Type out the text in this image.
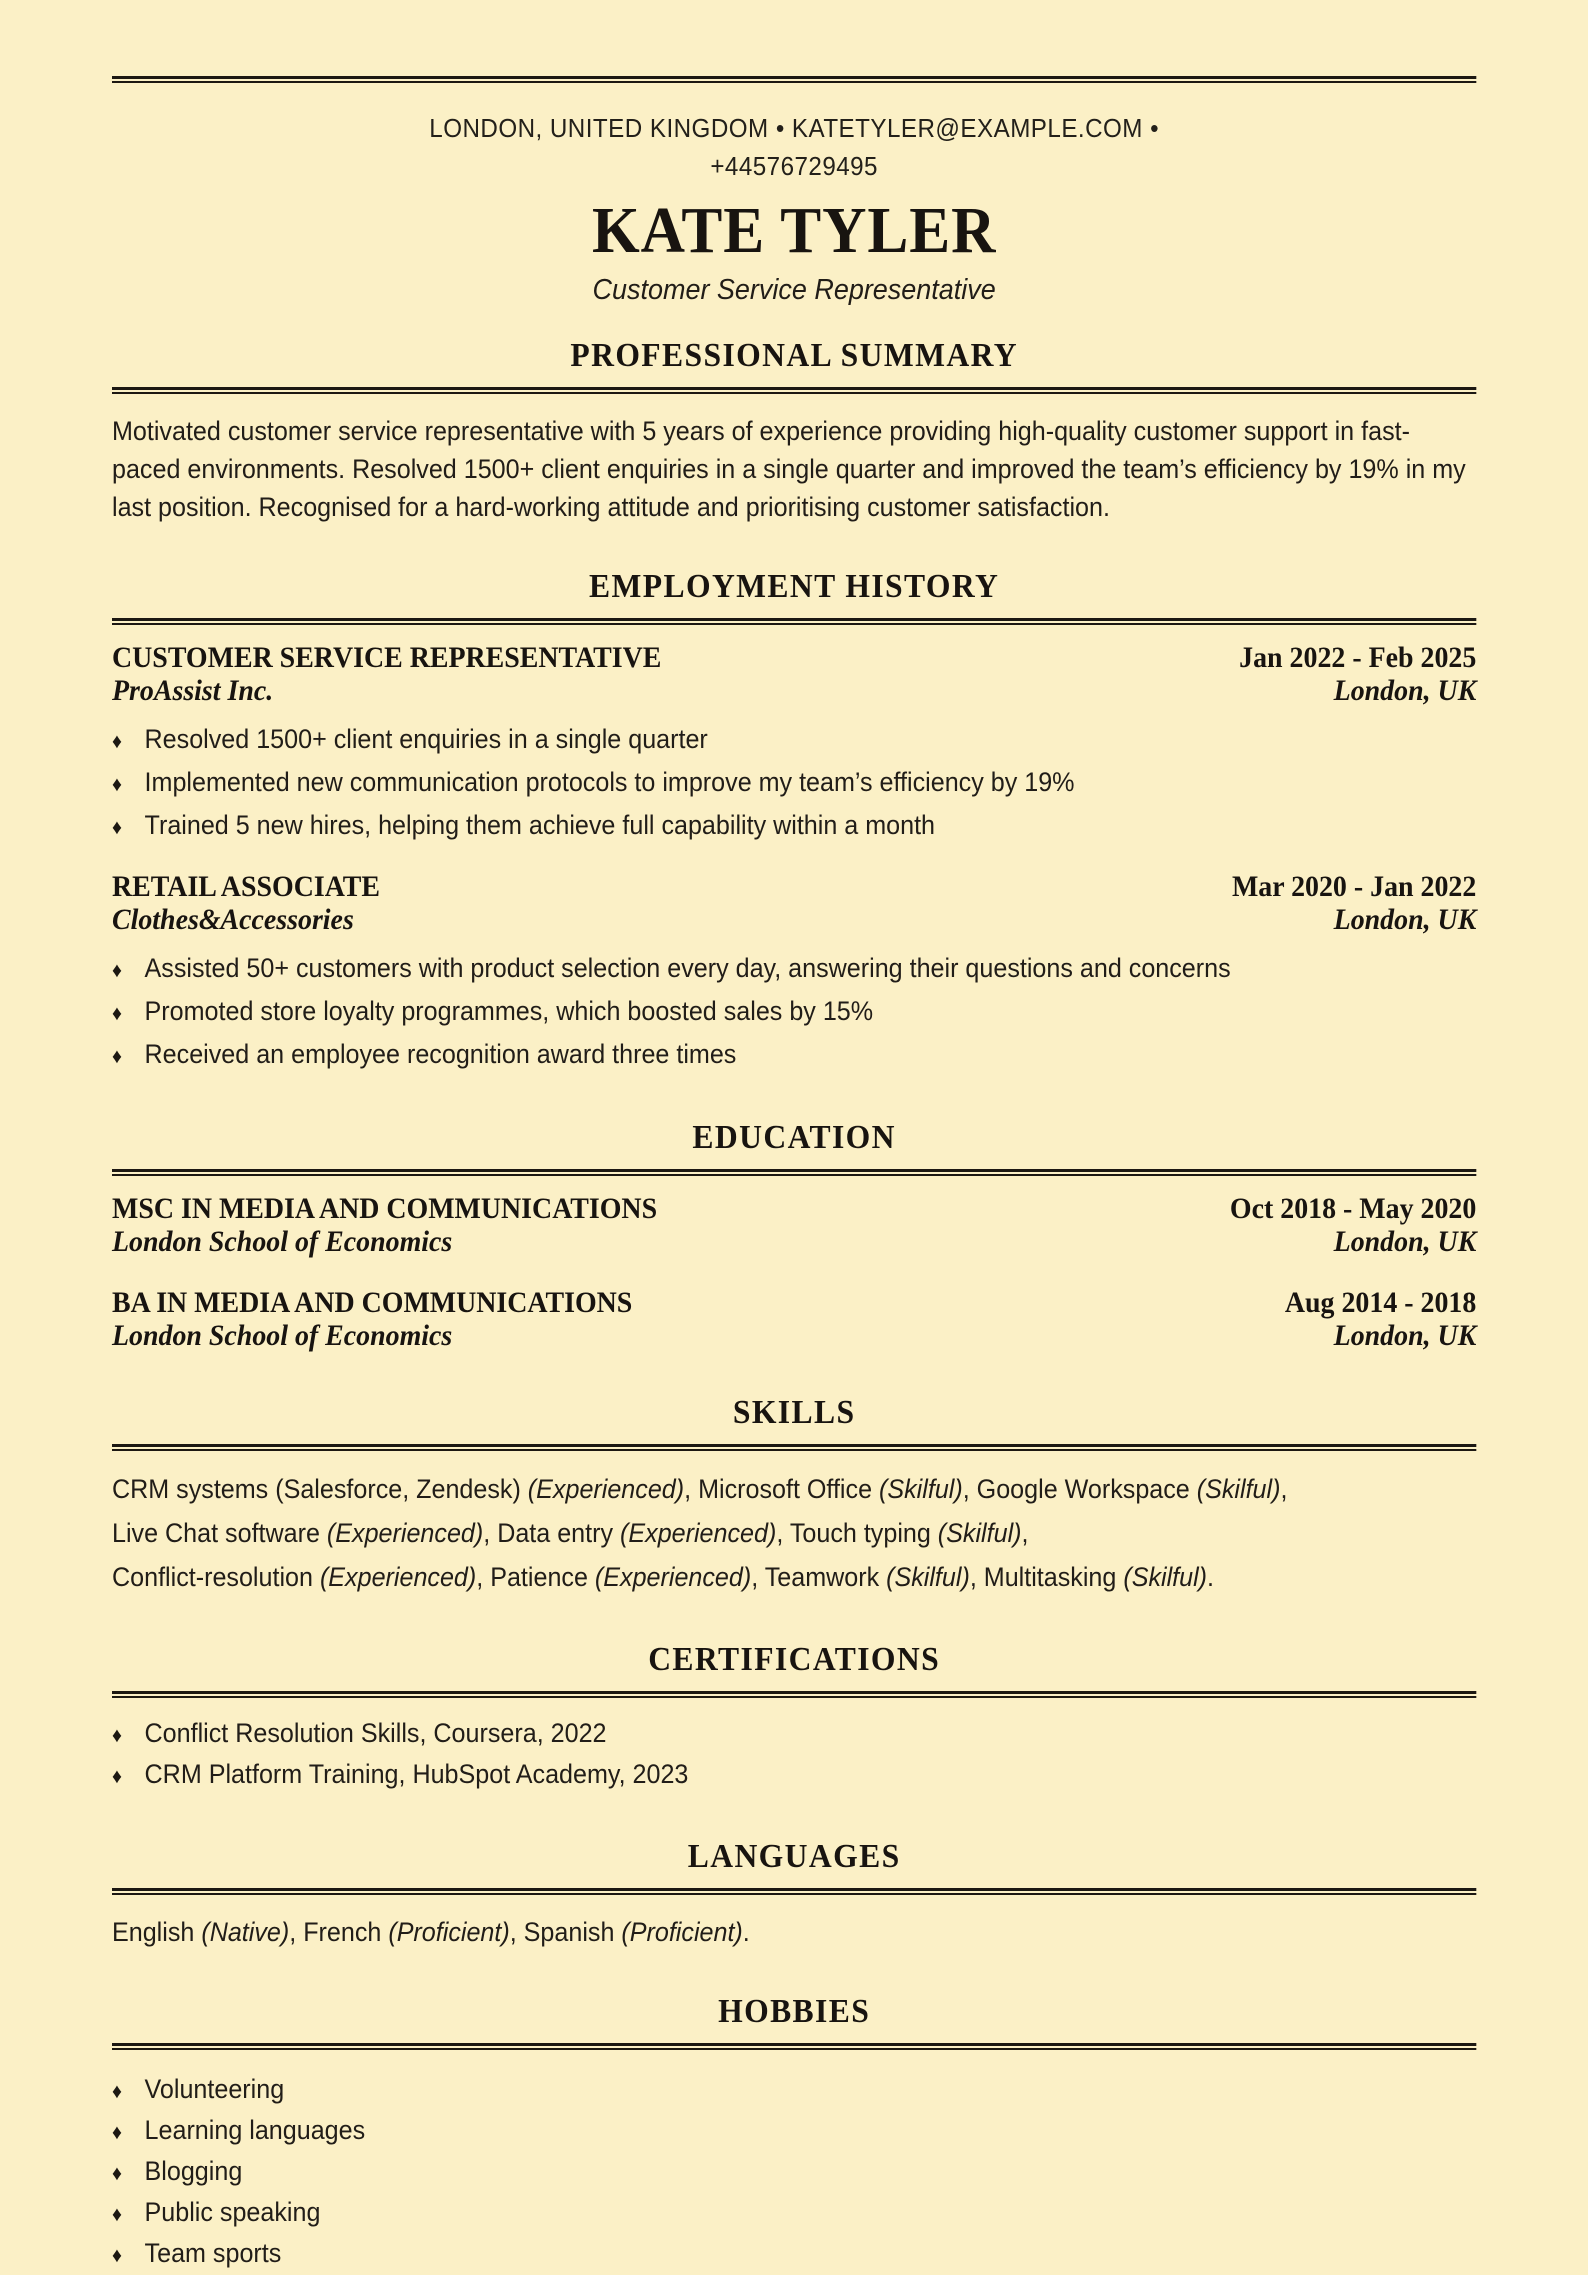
LONDON, UNITED KINGDOM • KATETYLER@EXAMPLE.COM •
+44576729495
KATE TYLER
Customer Service Representative
PROFESSIONAL SUMMARY
Motivated customer service representative with 5 years of experience providing high-quality customer support in fast-paced environments. Resolved 1500+ client enquiries in a single quarter and improved the team’s efficiency by 19% in my last position. Recognised for a hard-working attitude and prioritising customer satisfaction.
EMPLOYMENT HISTORY
CUSTOMER SERVICE REPRESENTATIVE	Jan 2022 - Feb 2025
ProAssist Inc.	London, UK
♦ Resolved 1500+ client enquiries in a single quarter
♦ Implemented new communication protocols to improve my team’s efficiency by 19%
♦ Trained 5 new hires, helping them achieve full capability within a month
RETAIL ASSOCIATE	Mar 2020 - Jan 2022
Clothes&Accessories	London, UK
♦ Assisted 50+ customers with product selection every day, answering their questions and concerns
♦ Promoted store loyalty programmes, which boosted sales by 15%
♦ Received an employee recognition award three times
EDUCATION
MSC IN MEDIA AND COMMUNICATIONS	Oct 2018 - May 2020
London School of Economics	London, UK
BA IN MEDIA AND COMMUNICATIONS	Aug 2014 - 2018
London School of Economics	London, UK
SKILLS
CRM systems (Salesforce, Zendesk) (Experienced), Microsoft Office (Skilful), Google Workspace (Skilful),
Live Chat software (Experienced), Data entry (Experienced), Touch typing (Skilful),
Conflict-resolution (Experienced), Patience (Experienced), Teamwork (Skilful), Multitasking (Skilful).
CERTIFICATIONS
♦ Conflict Resolution Skills, Coursera, 2022
♦ CRM Platform Training, HubSpot Academy, 2023
LANGUAGES
English (Native), French (Proficient), Spanish (Proficient).
HOBBIES
♦ Volunteering
♦ Learning languages
♦ Blogging
♦ Public speaking
♦ Team sports
